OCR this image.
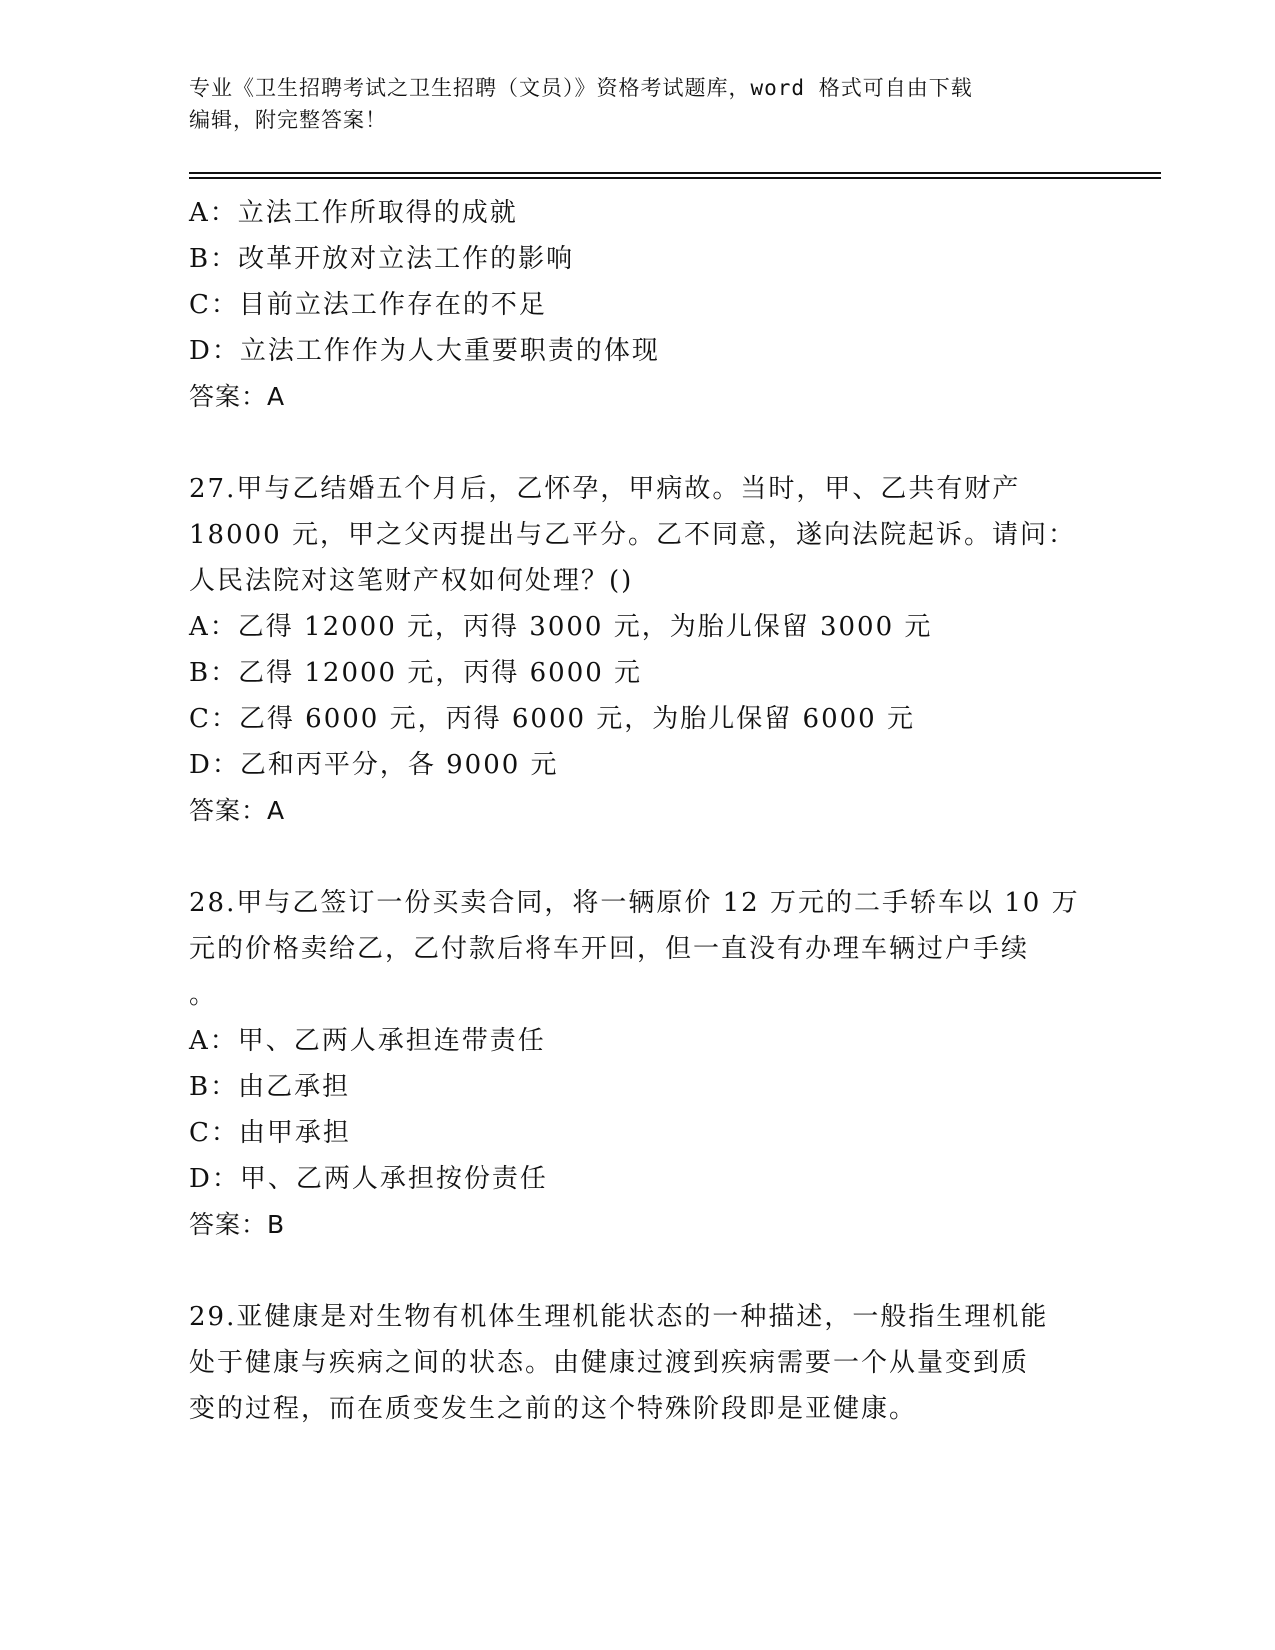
专业《卫生招聘考试之卫生招聘（文员）》资格考试题库，word 格式可自由下载
编辑，附完整答案！
A：立法工作所取得的成就
B：改革开放对立法工作的影响
C：目前立法工作存在的不足
D：立法工作作为人大重要职责的体现
答案：A
27.甲与乙结婚五个月后，乙怀孕，甲病故。当时，甲、乙共有财产
18000 元，甲之父丙提出与乙平分。乙不同意，遂向法院起诉。请问：
人民法院对这笔财产权如何处理？()
A：乙得 12000 元，丙得 3000 元，为胎儿保留 3000 元
B：乙得 12000 元，丙得 6000 元
C：乙得 6000 元，丙得 6000 元，为胎儿保留 6000 元
D：乙和丙平分，各 9000 元
答案：A
28.甲与乙签订一份买卖合同，将一辆原价 12 万元的二手轿车以 10 万
元的价格卖给乙，乙付款后将车开回，但一直没有办理车辆过户手续
。
A：甲、乙两人承担连带责任
B：由乙承担
C：由甲承担
D：甲、乙两人承担按份责任
答案：B
29.亚健康是对生物有机体生理机能状态的一种描述，一般指生理机能
处于健康与疾病之间的状态。由健康过渡到疾病需要一个从量变到质
变的过程，而在质变发生之前的这个特殊阶段即是亚健康。
